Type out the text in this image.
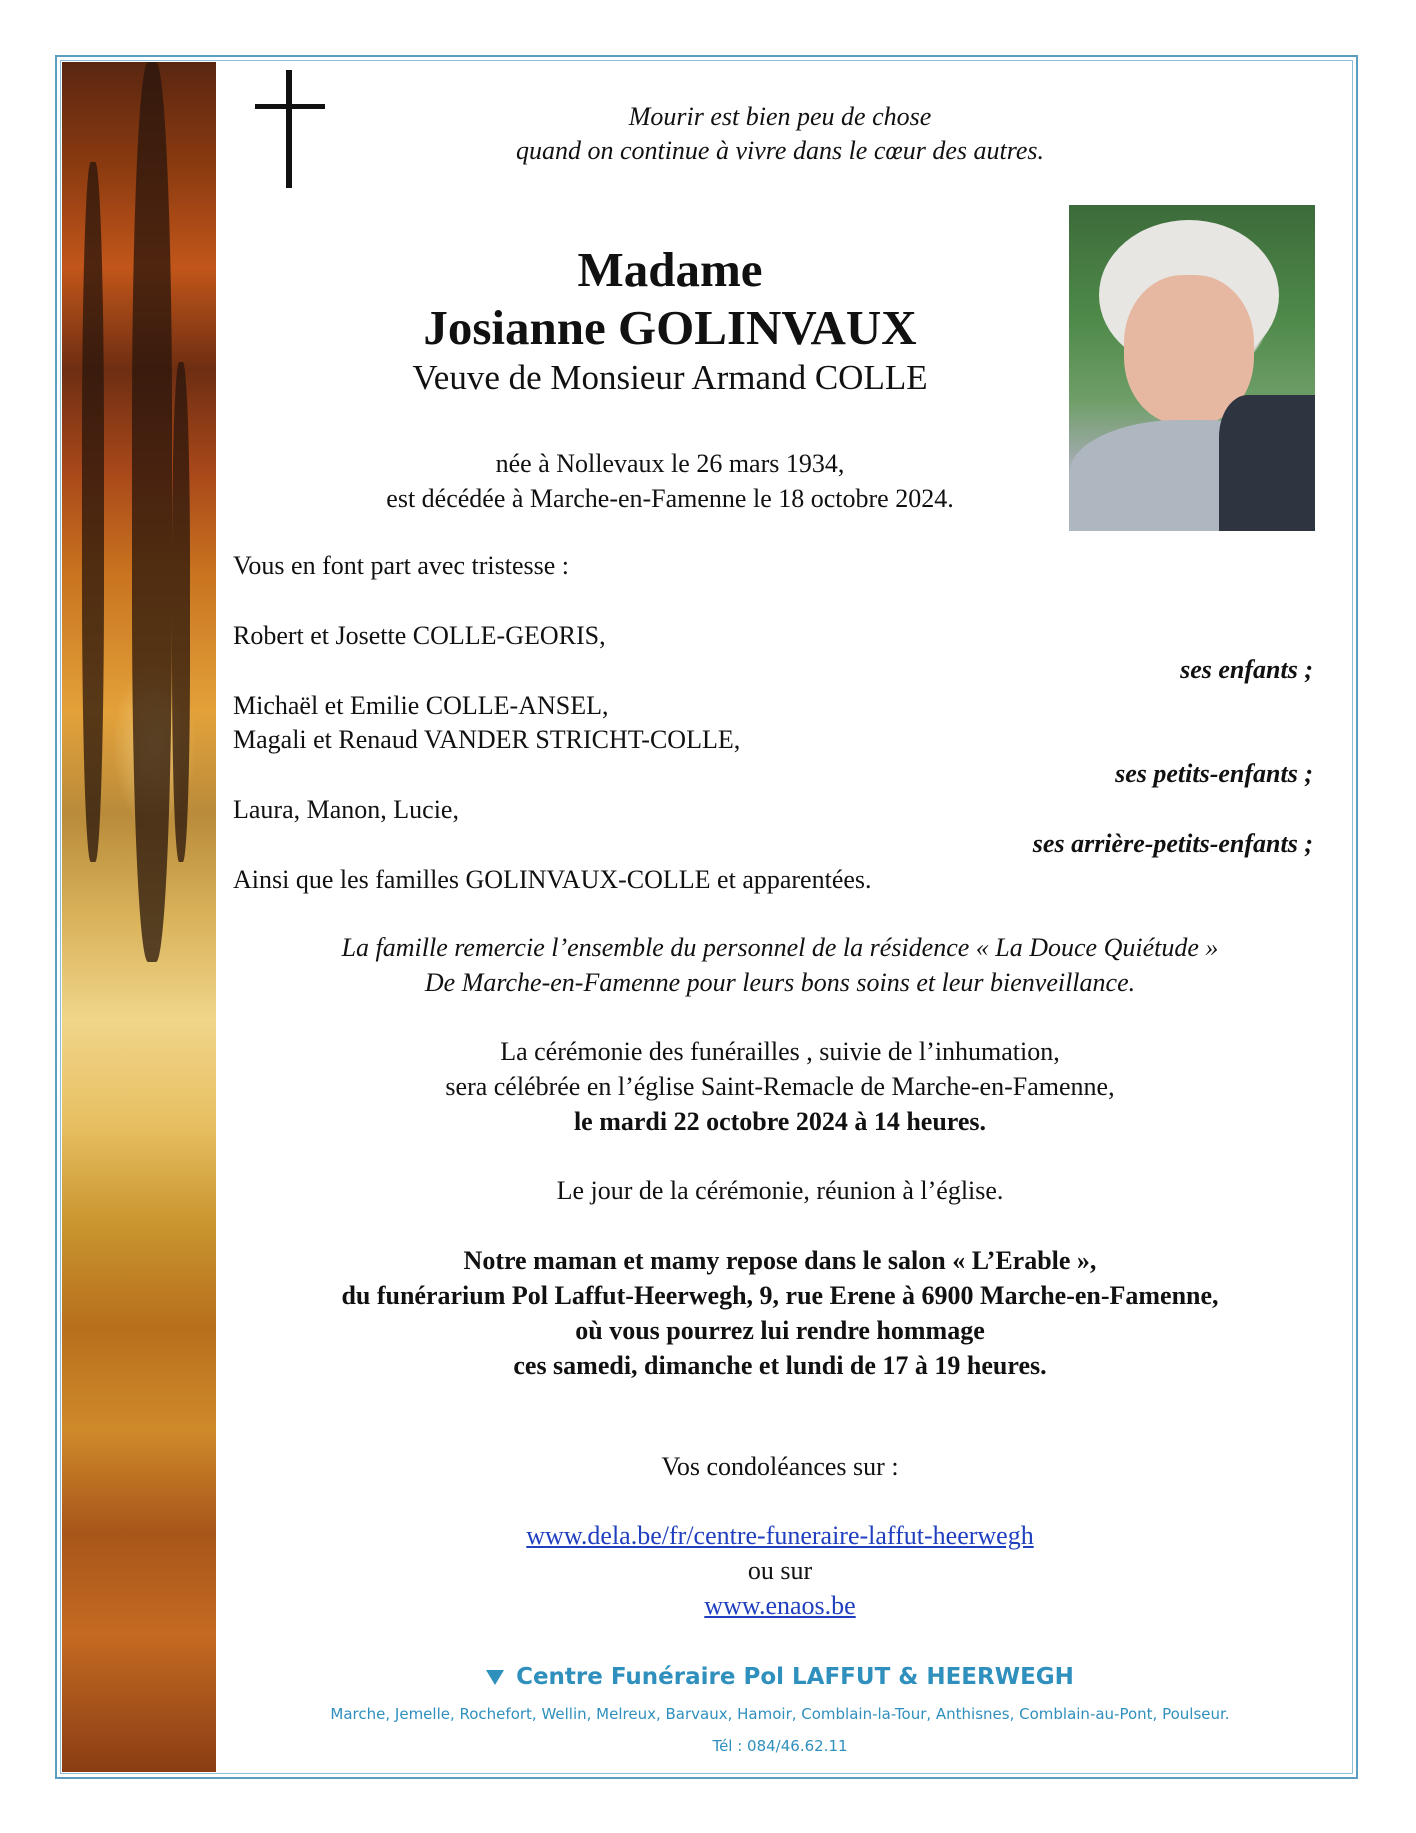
Mourir est bien peu de chose
quand on continue à vivre dans le cœur des autres.
Madame
Josianne GOLINVAUX
Veuve de Monsieur Armand COLLE
née à Nollevaux le 26 mars 1934,
est décédée à Marche-en-Famenne le 18 octobre 2024.
Vous en font part avec tristesse :
Robert et Josette COLLE-GEORIS,
ses enfants ;
Michaël et Emilie COLLE-ANSEL,
Magali et Renaud VANDER STRICHT-COLLE,
ses petits-enfants ;
Laura, Manon, Lucie,
ses arrière-petits-enfants ;
Ainsi que les familles GOLINVAUX-COLLE et apparentées.
La famille remercie l’ensemble du personnel de la résidence « La Douce Quiétude »
De Marche-en-Famenne pour leurs bons soins et leur bienveillance.
La cérémonie des funérailles , suivie de l’inhumation,
sera célébrée en l’église Saint-Remacle de Marche-en-Famenne,
le mardi 22 octobre 2024 à 14 heures.
Le jour de la cérémonie, réunion à l’église.
Notre maman et mamy repose dans le salon « L’Erable »,
du funérarium Pol Laffut-Heerwegh, 9, rue Erene à 6900 Marche-en-Famenne,
où vous pourrez lui rendre hommage
ces samedi, dimanche et lundi de 17 à 19 heures.
Vos condoléances sur :
www.dela.be/fr/centre-funeraire-laffut-heerwegh
ou sur
www.enaos.be
Centre Funéraire Pol LAFFUT & HEERWEGH
Marche, Jemelle, Rochefort, Wellin, Melreux, Barvaux, Hamoir, Comblain-la-Tour, Anthisnes, Comblain-au-Pont, Poulseur.
Tél : 084/46.62.11
